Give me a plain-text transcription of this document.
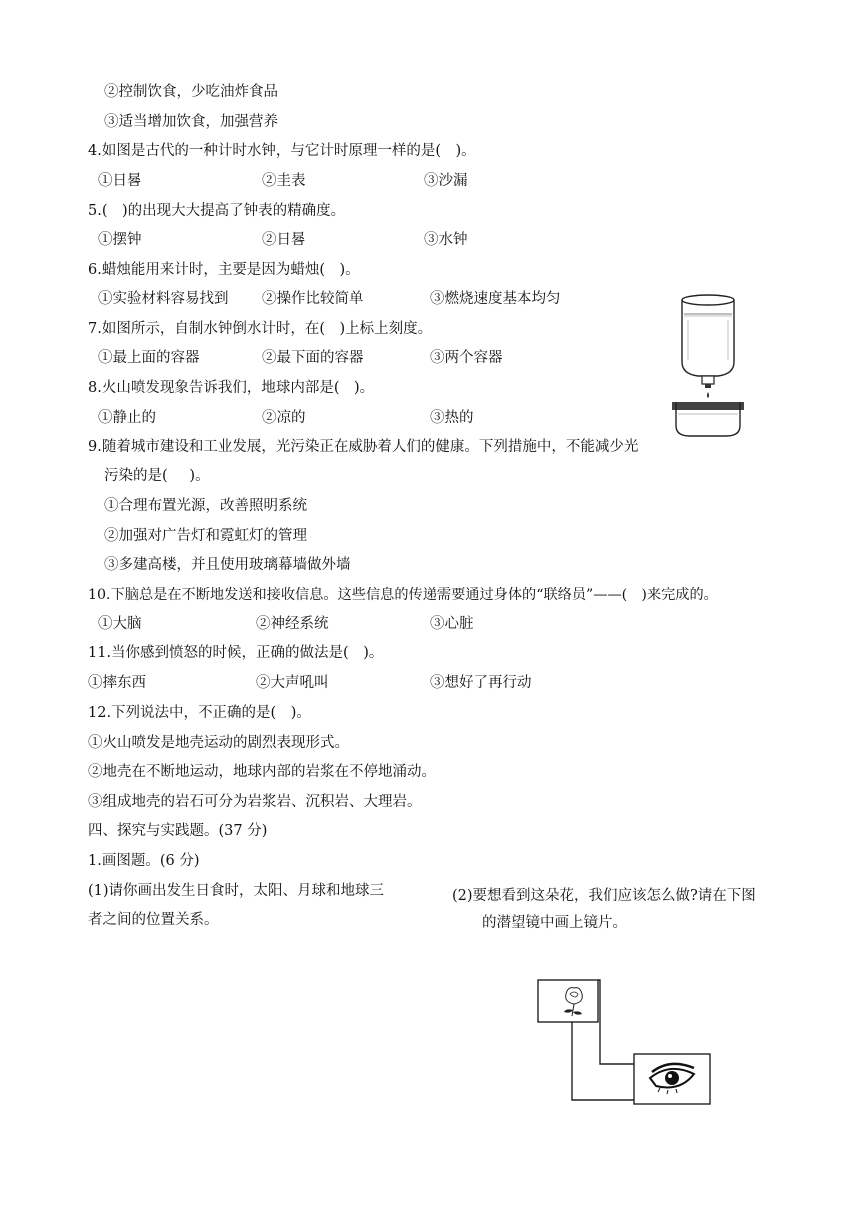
②控制饮食，少吃油炸食品
③适当增加饮食，加强营养
4.如图是古代的一种计时水钟，与它计时原理一样的是( )。
①日晷	②圭表	③沙漏
5.( )的出现大大提高了钟表的精确度。
①摆钟	②日晷	③水钟
6.蜡烛能用来计时，主要是因为蜡烛( )。
①实验材料容易找到 ②操作比较简单	③燃烧速度基本均匀
7.如图所示，自制水钟倒水计时，在( )上标上刻度。
①最上面的容器	②最下面的容器	③两个容器
8.火山喷发现象告诉我们，地球内部是( )。
①静止的	②凉的	③热的
9.随着城市建设和工业发展，光污染正在威胁着人们的健康。下列措施中，不能减少光
污染的是(  )。
①合理布置光源，改善照明系统
②加强对广告灯和霓虹灯的管理
③多建高楼，并且使用玻璃幕墙做外墙
10.下脑总是在不断地发送和接收信息。这些信息的传递需要通过身体的“联络员”——( )来完成的。
①大脑	②神经系统	③心脏
11.当你感到愤怒的时候，正确的做法是( )。
①摔东西	②大声吼叫	③想好了再行动
12.下列说法中，不正确的是( )。
①火山喷发是地壳运动的剧烈表现形式。
②地壳在不断地运动，地球内部的岩浆在不停地涌动。
③组成地壳的岩石可分为岩浆岩、沉积岩、大理岩。
四、探究与实践题。(37 分)
1.画图题。(6 分)
(1)请你画出发生日食时，太阳、月球和地球三
者之间的位置关系。
(2)要想看到这朵花，我们应该怎么做?请在下图
的潜望镜中画上镜片。
